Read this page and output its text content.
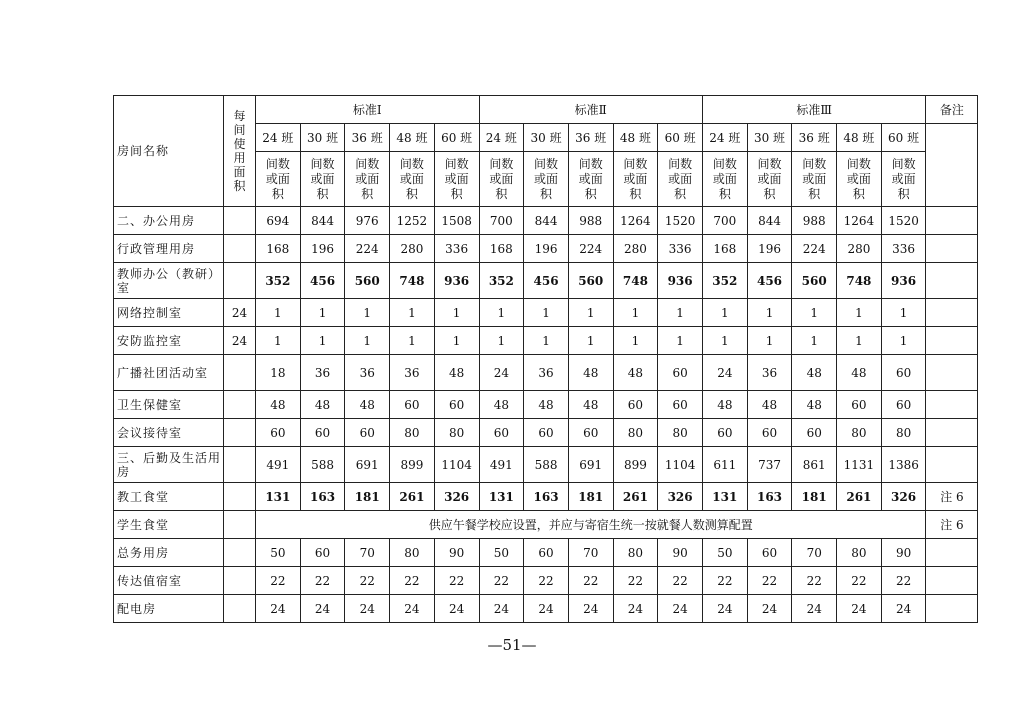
房间名称	每间使用面积	标准Ⅰ					标准Ⅱ					标准Ⅲ					备注
		24 班	30 班	36 班	48 班	60 班	24 班	30 班	36 班	48 班	60 班	24 班	30 班	36 班	48 班	60 班	

		间数或面积	间数或面积	间数或面积	间数或面积	间数或面积	间数或面积	间数或面积	间数或面积	间数或面积	间数或面积	间数或面积	间数或面积	间数或面积	间数或面积	间数或面积	

二、办公用房		694	844	976	1252	1508	700	844	988	1264	1520	700	844	988	1264	1520	
行政管理用房		168	196	224	280	336	168	196	224	280	336	168	196	224	280	336	
教师办公（教研）室		352	456	560	748	936	352	456	560	748	936	352	456	560	748	936	
网络控制室	24	1	1	1	1	1	1	1	1	1	1	1	1	1	1	1	
安防监控室	24	1	1	1	1	1	1	1	1	1	1	1	1	1	1	1	
广播社团活动室		18	36	36	36	48	24	36	48	48	60	24	36	48	48	60	
卫生保健室		48	48	48	60	60	48	48	48	60	60	48	48	48	60	60	
会议接待室		60	60	60	80	80	60	60	60	80	80	60	60	60	80	80	
三、后勤及生活用房		491	588	691	899	1104	491	588	691	899	1104	611	737	861	1131	1386	
教工食堂		131	163	181	261	326	131	163	181	261	326	131	163	181	261	326	注 6
学生食堂		供应午餐学校应设置，并应与寄宿生统一按就餐人数测算配置															注 6
总务用房		50	60	70	80	90	50	60	70	80	90	50	60	70	80	90	
传达值宿室		22	22	22	22	22	22	22	22	22	22	22	22	22	22	22	
配电房		24	24	24	24	24	24	24	24	24	24	24	24	24	24	24	
—51—
